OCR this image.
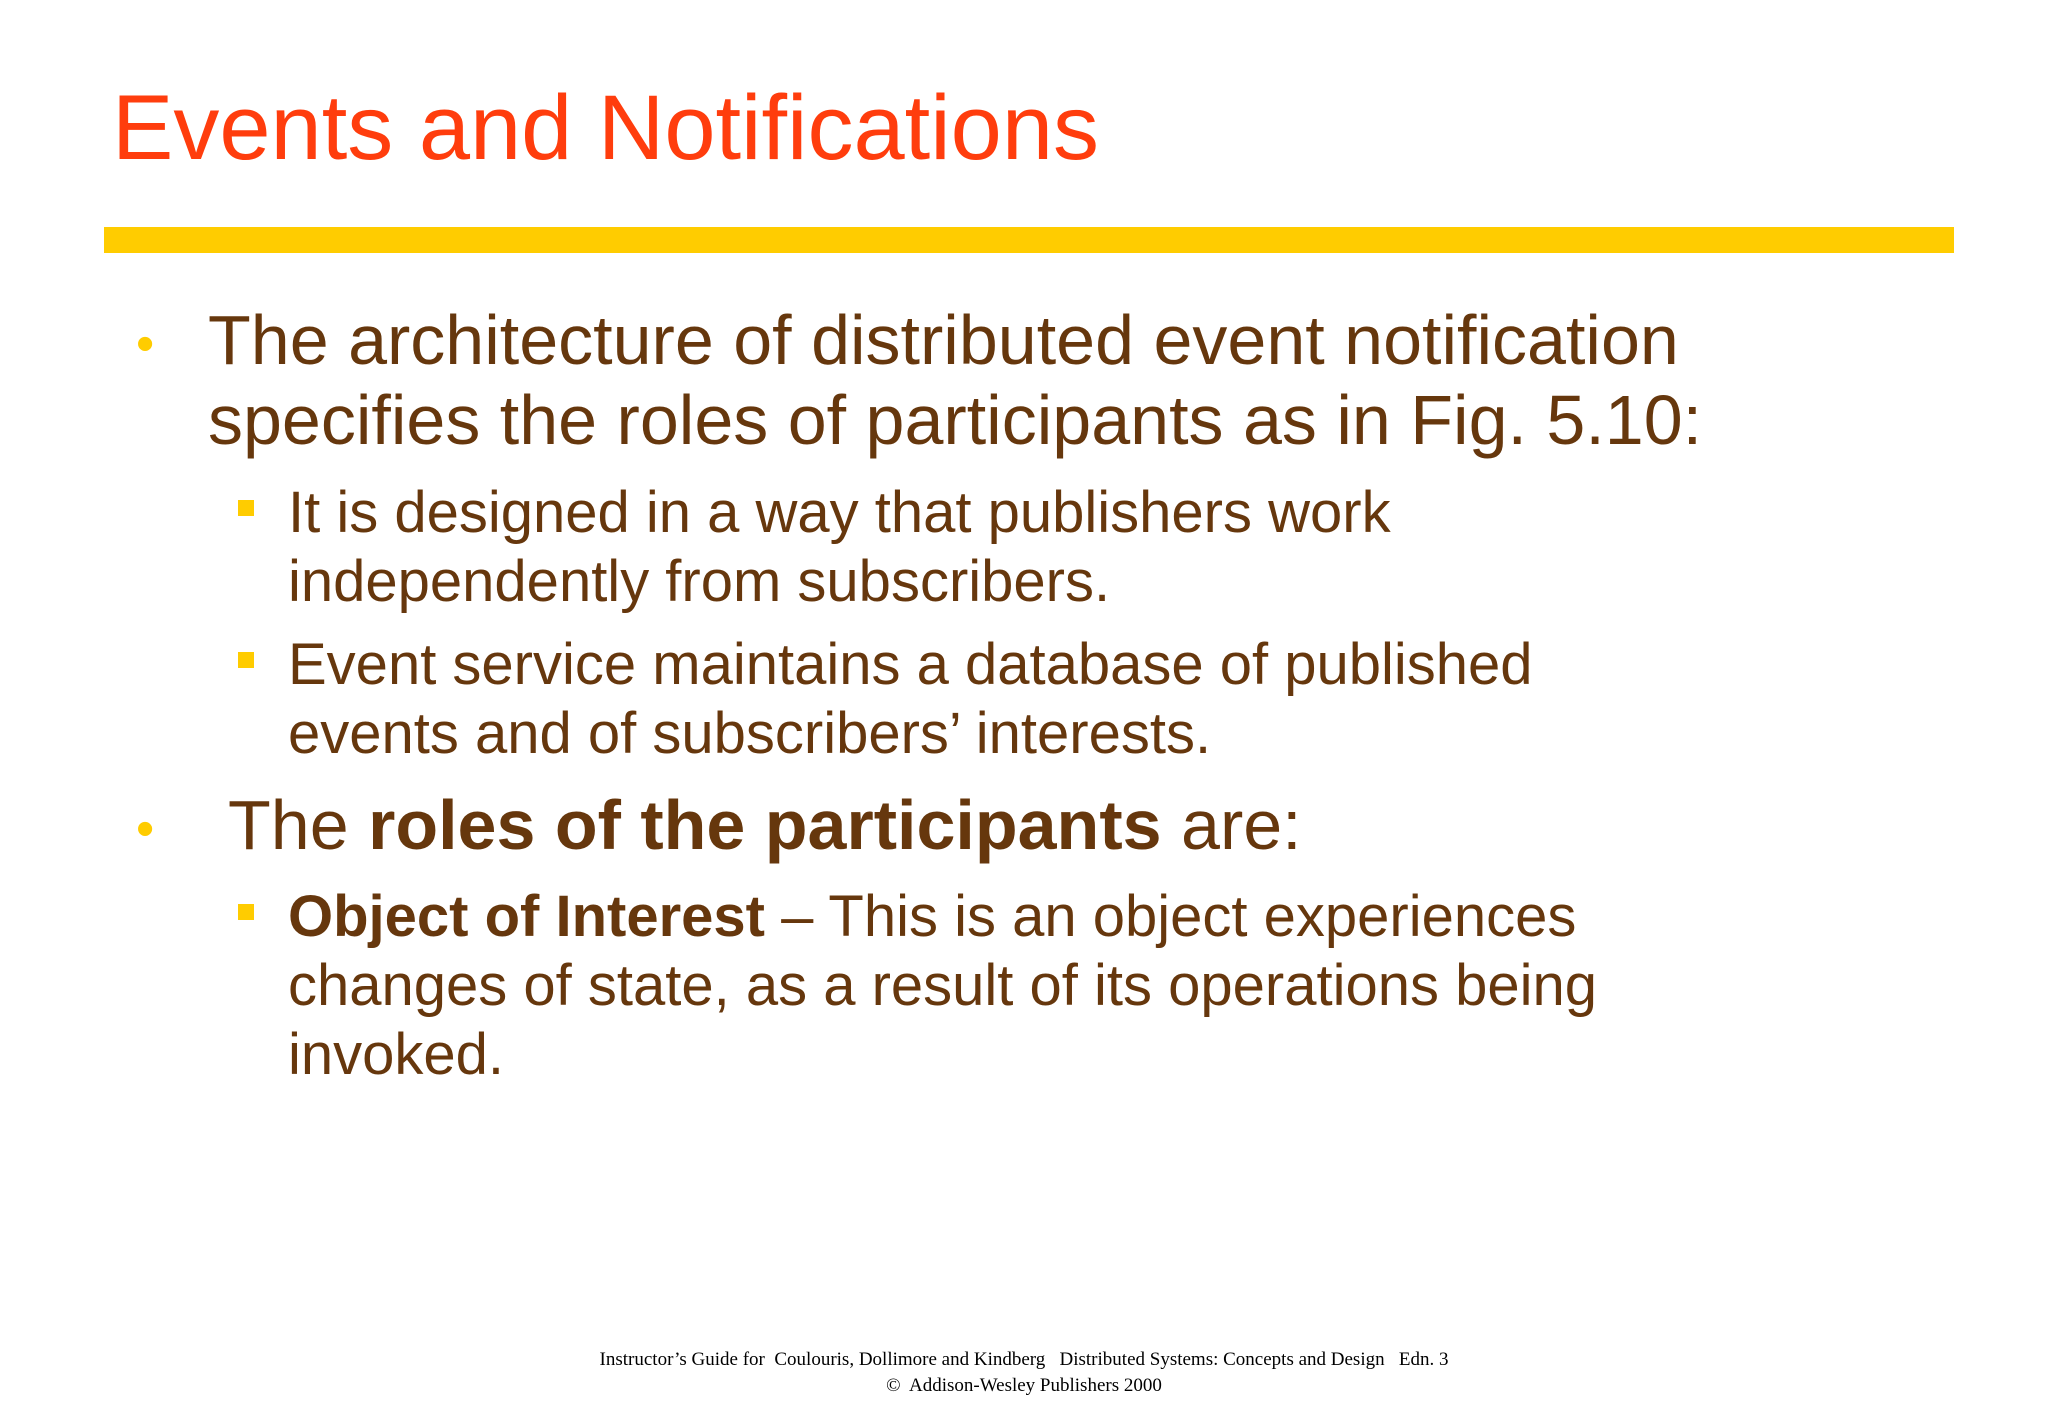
Events and Notifications
• The architecture of distributed event notification
specifies the roles of participants as in Fig. 5.10:
It is designed in a way that publishers work
independently from subscribers.
Event service maintains a database of published
events and of subscribers’ interests.
• The roles of the participants are:
Object of Interest – This is an object experiences
changes of state, as a result of its operations being
invoked.
Instructor’s Guide for  Coulouris, Dollimore and Kindberg   Distributed Systems: Concepts and Design   Edn. 3
©  Addison-Wesley Publishers 2000
